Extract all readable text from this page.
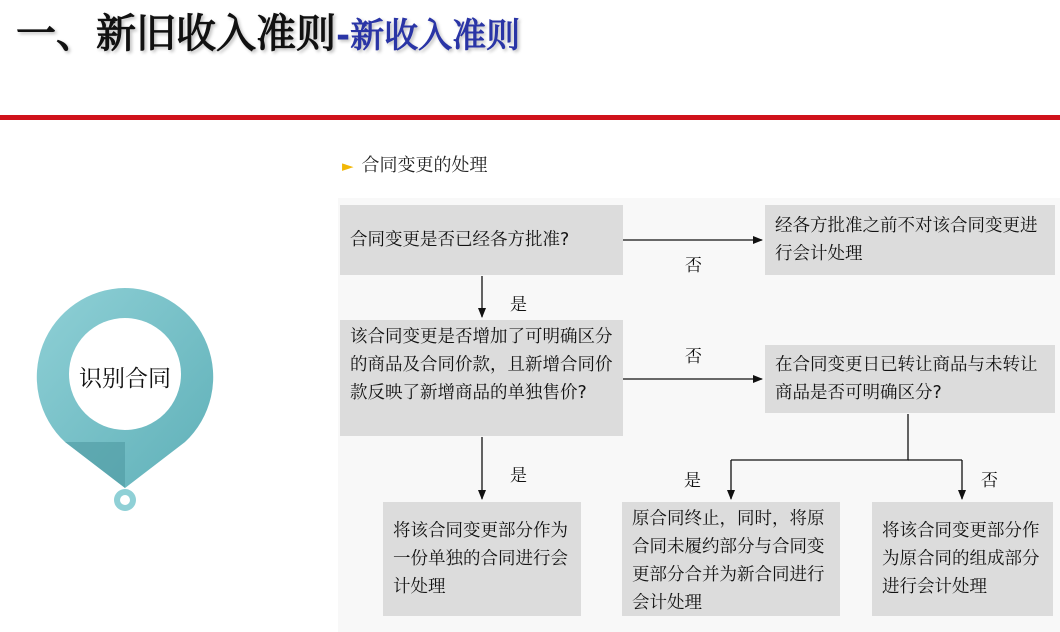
一、新旧收入准则-新收入准则
识别合同
► 合同变更的处理
合同变更是否已经各方批准?
经各方批准之前不对该合同变更进行会计处理
该合同变更是否增加了可明确区分的商品及合同价款，且新增合同价款反映了新增商品的单独售价?
在合同变更日已转让商品与未转让商品是否可明确区分?
将该合同变更部分作为一份单独的合同进行会计处理
原合同终止，同时，将原合同未履约部分与合同变更部分合并为新合同进行会计处理
将该合同变更部分作为原合同的组成部分进行会计处理
否
是
否
是	是	否
